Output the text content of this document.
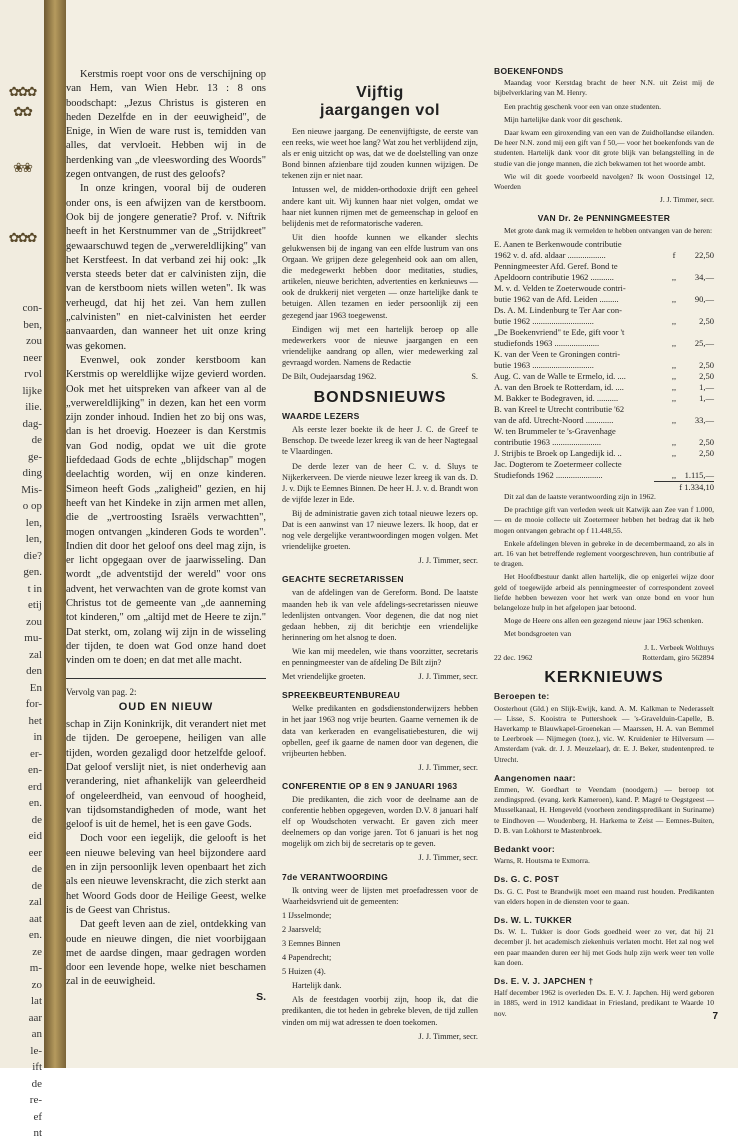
✿✿✿
✿✿
❀❀
✿✿✿
con-
ben,
zou
neer
rvol
lijke
ilie.
dag-
de
ge-
ding
Mis-
o op
len,
len,
die?
gen.
t in
etij
zou
mu-
zal
den
En
for-
het
in
er-
en-
erd
en.
de
eid
eer
de
de
zal
aat
en.
ze
m-
zo
lat
aar
an
le-
ift
de
re-
ef
nt

Kerstmis roept voor ons de verschijning op van Hem, van Wien Hebr. 13 : 8 ons boodschapt: „Jezus Christus is gisteren en heden Dezelfde en in der eeuwigheid", de Enige, in Wien de ware rust is, temidden van alles, dat vervloeit. Hebben wij in de herdenking van „de vleeswording des Woords" zegen ontvangen, de rust des geloofs?

In onze kringen, vooral bij de ouderen onder ons, is een afwijzen van de kerstboom. Ook bij de jongere generatie? Prof. v. Niftrik heeft in het Kerstnummer van de „Strijdkreet" gewaarschuwd tegen de „verwereldlijking" van het Kerstfeest. In dat verband zei hij ook: „Ik versta steeds beter dat er calvinisten zijn, die van de kerstboom niets willen weten". Ik was verheugd, dat hij het zei. Van hem zullen „calvinisten" en niet-calvinisten het eerder aanvaarden, dan wanneer het uit onze kring was gekomen.

Evenwel, ook zonder kerstboom kan Kerstmis op wereldlijke wijze gevierd worden. Ook met het uitspreken van afkeer van al de „verwereldlijking" in dezen, kan het een vorm zijn zonder inhoud. Indien het zo bij ons was, dan is het droevig. Hoezeer is dan Kerstmis van God nodig, opdat we uit die grote liefdedaad Gods de echte „blijdschap" mogen deelachtig worden, wij en onze kinderen. Simeon heeft Gods „zaligheid" gezien, en hij heeft van het Kindeke in zijn armen met allen, die de „vertroosting Israëls verwachtten", mogen ontvangen „kinderen Gods te worden". Indien dit door het geloof ons deel mag zijn, is er licht opgegaan over de jaarwisseling. Dan wordt „de adventstijd der wereld" voor ons advent, het verwachten van de grote komst van Christus tot de gemeente van „de aanneming tot kinderen," om „altijd met de Heere te zijn." Dat sterkt, om, zolang wij zijn in de wisseling der tijden, te doen wat God onze hand doet vinden om te doen; en dat met alle macht.

Vervolg van pag. 2:

OUD EN NIEUW

schap in Zijn Koninkrijk, dit verandert niet met de tijden. De geroepene, heiligen van alle tijden, worden gezaligd door hetzelfde geloof. Dat geloof verslijt niet, is niet onderhevig aan verandering, niet afhankelijk van geleerdheid of ongeleerdheid, van eenvoud of hoogheid, van tijdsomstandigheden of mode, want het geloof is uit de hemel, het is een gave Gods.

Doch voor een iegelijk, die gelooft is het een nieuwe beleving van heel bijzondere aard en in zijn persoonlijk leven openbaart het zich als een nieuwe levenskracht, die zich sterkt aan het Woord Gods door de Heilige Geest, welke is de Geest van Christus.

Dat geeft leven aan de ziel, ontdekking van oude en nieuwe dingen, die niet voorbijgaan met de aardse dingen, maar gedragen worden door een levende hope, welke niet beschamen zal in de eeuwigheid.

S.

Vijftig
jaargangen vol

Een nieuwe jaargang. De eenenvijftigste, de eerste van een reeks, wie weet hoe lang? Wat zou het verblijdend zijn, als er enig uitzicht op was, dat we de doelstelling van onze Bond binnen afzienbare tijd zouden kunnen wijzigen. De tekenen zijn er niet naar.

Intussen wel, de midden-orthodoxie drijft een geheel andere kant uit. Wij kunnen haar niet volgen, omdat we haar niet kunnen rijmen met de gemeenschap in geloof en belijdenis met de reformatorische vaderen.

Uit dien hoofde kunnen we elkander slechts gelukwensen bij de ingang van een elfde lustrum van ons Orgaan. We grijpen deze gelegenheid ook aan om allen, die medegewerkt hebben door meditaties, studies, artikelen, nieuwe berichten, advertenties en kerknieuws — ook de drukkerij niet vergeten — onze hartelijke dank te betuigen. Allen tezamen en ieder persoonlijk zij een gezegend jaar 1963 toegewenst.

Eindigen wij met een hartelijk beroep op alle medewerkers voor de nieuwe jaargangen en een vriendelijke aandrang op allen, wier medewerking zal gevraagd worden. Namens de Redactie

De Bilt, Oudejaarsdag 1962.	S.
BONDSNIEUWS
WAARDE LEZERS

Als eerste lezer boekte ik de heer J. C. de Greef te Benschop. De tweede lezer kreeg ik van de heer Nagtegaal te Vlaardingen.

De derde lezer van de heer C. v. d. Sluys te Nijkerkerveen. De vierde nieuwe lezer kreeg ik van ds. D. J. v. Dijk te Eemnes Binnen. De heer H. J. v. d. Brandt won de vijfde lezer in Ede.

Bij de administratie gaven zich totaal nieuwe lezers op. Dat is een aanwinst van 17 nieuwe lezers. Ik hoop, dat er nog vele dergelijke verantwoordingen mogen volgen. Met vriendelijke groeten.

J. J. Timmer, secr.

GEACHTE SECRETARISSEN

van de afdelingen van de Gereform. Bond. De laatste maanden heb ik van vele afdelings-secretarissen nieuwe ledenlijsten ontvangen. Voor degenen, die dat nog niet gedaan hebben, zij dit berichtje een vriendelijke herinnering om het alsnog te doen.

Wie kan mij meedelen, wie thans voorzitter, secretaris en penningmeester van de afdeling De Bilt zijn?

Met vriendelijke groeten.	J. J. Timmer, secr.
SPREEKBEURTENBUREAU

Welke predikanten en godsdienstonderwijzers hebben in het jaar 1963 nog vrije beurten. Gaarne vernemen ik de data van kerkeraden en evangelisatiebesturen, die wij opbellen, geef ik gaarne de namen door van degenen, die vrijbeurten hebben.

J. J. Timmer, secr.

CONFERENTIE OP 8 EN 9 JANUARI 1963

Die predikanten, die zich voor de deelname aan de conferentie hebben opgegeven, worden D.V. 8 januari half elf op Woudschoten verwacht. Er gaven zich meer deelnemers op dan vorige jaren. Tot 6 januari is het nog mogelijk om zich bij de secretaris op te geven.

J. J. Timmer, secr.

7de VERANTWOORDING

Ik ontving weer de lijsten met proefadressen voor de Waarheidsvriend uit de gemeenten:

1 IJsselmonde;

2 Jaarsveld;

3 Eemnes Binnen

4 Papendrecht;

5 Huizen (4).

Hartelijk dank.

Als de feestdagen voorbij zijn, hoop ik, dat die predikanten, die tot heden in gebreke bleven, de tijd zullen vinden om mij wat adressen te doen toekomen.

J. J. Timmer, secr.

BOEKENFONDS

Maandag voor Kerstdag bracht de heer N.N. uit Zeist mij de bijbelverklaring van M. Henry.

Een prachtig geschenk voor een van onze studenten.

Mijn hartelijke dank voor dit geschenk.

Daar kwam een giroxending van een van de Zuidhollandse eilanden. De heer N.N. zond mij een gift van f 50,— voor het boekenfonds van de studenten. Hartelijk dank voor dit grote blijk van belangstelling in de studie van die jonge mannen, die zich bekwamen tot het woorde ambt.

Wie wil dit goede voorbeeld navolgen? Ik woon Oostsingel 12, Woerden

J. J. Timmer, secr.

VAN Dr. 2e PENNINGMEESTER

Met grote dank mag ik vermelden te hebben ontvangen van de heren:

E. Aanen te Berkenwoude contributie		
1962 v. d. afd. aldaar ..................	f	22,50
Penningmeester Afd. Geref. Bond te		
Apeldoorn contributie 1962 ...........	,,	34,—
M. v. d. Velden te Zoeterwoude contri-		
butie 1962 van de Afd. Leiden .........	,,	90,—
Ds. A. M. Lindenburg te Ter Aar con-		
butie 1962 .............................	,,	2,50
„De Boekenvriend" te Ede, gift voor 't		
studiefonds 1963 .....................	,,	25,—
K. van der Veen te Groningen contri-		
butie 1963 .............................	,,	2,50
Aug. C. van de Walle te Ermelo, id. ....	,,	2,50
A. van den Broek te Rotterdam, id. ....	,,	1,—
M. Bakker te Bodegraven, id. ..........	,,	1,—
B. van Kreel te Utrecht contributie '62		
van de afd. Utrecht-Noord .............	,,	33,—
W. ten Brummeler te 's-Gravenhage		
contributie 1963 .......................	,,	2,50
J. Strijbis te Broek op Langedijk id. ..	,,	2,50
Jac. Dogterom te Zoetermeer collecte		
Studiefonds 1962 ......................	,,	1.115,—
f 1.334,10

Dit zal dan de laatste verantwoording zijn in 1962.

De prachtige gift van verleden week uit Katwijk aan Zee van f 1.000,— en de mooie collecte uit Zoetermeer hebben het bedrag dat ik heb mogen ontvangen gebracht op f 11.448,55.

Enkele afdelingen bleven in gebreke in de decembermaand, zo als in art. 16 van het betreffende reglement voorgeschreven, hun contributie af te dragen.

Het Hoofdbestuur dankt allen hartelijk, die op enigerlei wijze door geld of toegewijde arbeid als penningmeester of correspondent zoveel liefde hebben bewezen voor het werk van onze bond en voor hun belangeloze hulp in het afgelopen jaar betoond.

Moge de Heere ons allen een gezegend nieuw jaar 1963 schenken.

Met bondsgroeten van

J. L. Verbeek Wolthuys

22 dec. 1962	Rotterdam, giro 562894
KERKNIEUWS
Beroepen te:

Oosterhout (Gld.) en Slijk-Ewijk, kand. A. M. Kalkman te Nederasselt — Lisse, S. Kooistra te Puttershoek — 's-Gravelduin-Capelle, B. Haverkamp te Blauwkapel-Groenekan — Maarssen, H. A. van Bemmel te Leerbroek — Nijmegen (toez.), vic. W. Kruidenier te Hilversum — Amsterdam (vak. dr. J. J. Meuzelaar), dr. E. J. Beker, studentenpred. te Utrecht.

Aangenomen naar:

Emmen, W. Goedhart te Veendam (noodgem.) — beroep tot zendingspred. (evang. kerk Kameroen), kand. P. Magré te Oegstgeest — Musselkanaal, H. Hengeveld (voorheen zendingspredikant in Suriname) te Eindhoven — Woudenberg, H. Harkema te Zeist — Eemnes-Buiten, D. B. van Lokhorst te Mastenbroek.

Bedankt voor:

Warns, R. Houtsma te Exmorra.

Ds. G. C. POST

Ds. G. C. Post te Brandwijk moet een maand rust houden. Predikanten van elders hopen in de diensten voor te gaan.

Ds. W. L. TUKKER

Ds. W. L. Tukker is door Gods goedheid weer zo ver, dat hij 21 december jl. het academisch ziekenhuis verlaten mocht. Het zal nog wel een paar maanden duren eer hij met Gods hulp zijn werk weer ten volle kan doen.

Ds. E. V. J. JAPCHEN †

Half december 1962 is overleden Ds. E. V. J. Japchen. Hij werd geboren in 1885, werd in 1912 kandidaat in Friesland, predikant te Waarde 10 nov.	7
